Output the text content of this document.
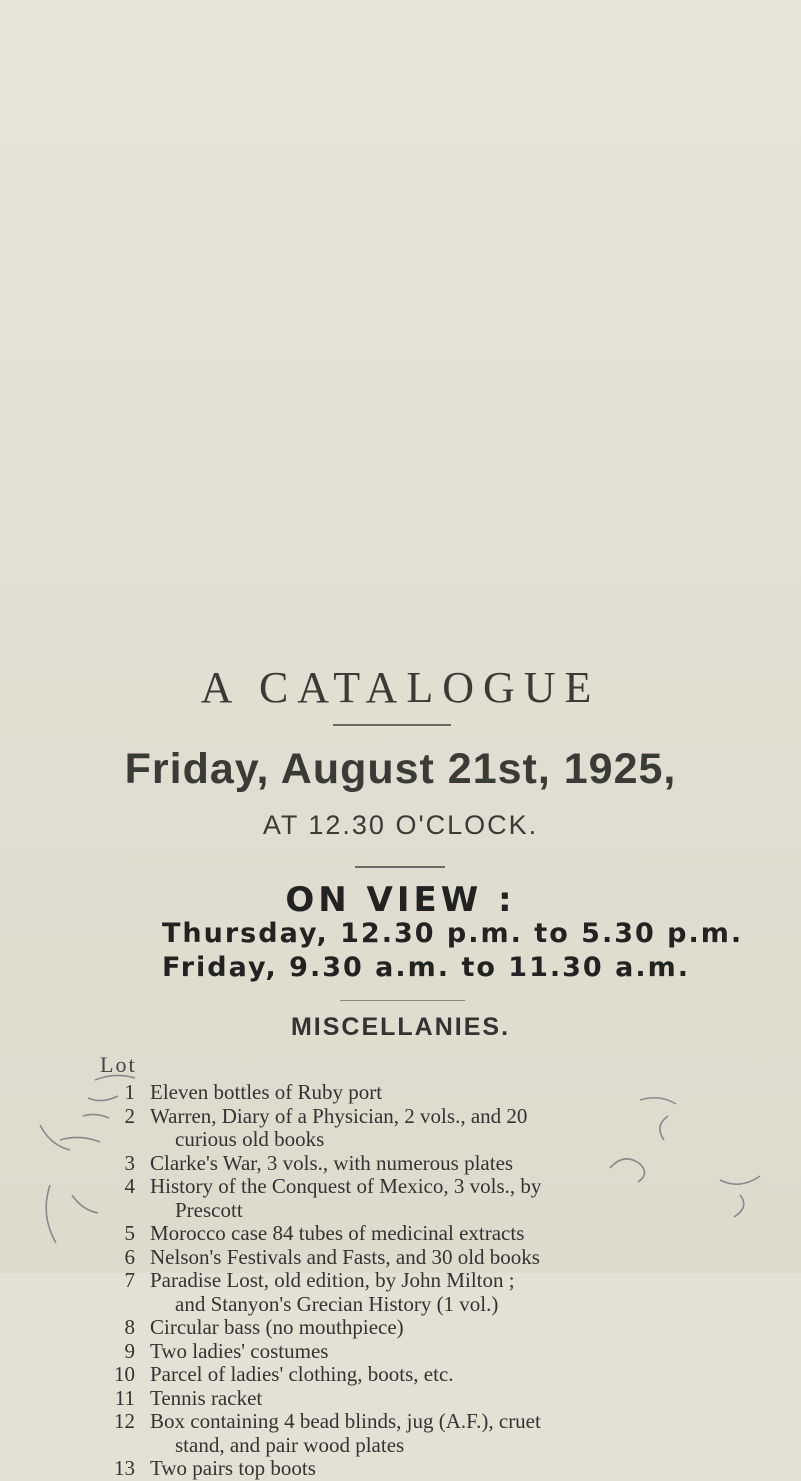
A CATALOGUE
Friday, August 21st, 1925,
AT 12.30 O'CLOCK.
ON VIEW :
Thursday, 12.30 p.m. to 5.30 p.m.
Friday, 9.30 a.m. to 11.30 a.m.
MISCELLANIES.
Lot
1 Eleven bottles of Ruby port
2 Warren, Diary of a Physician, 2 vols., and 20
curious old books
3 Clarke's War, 3 vols., with numerous plates
4 History of the Conquest of Mexico, 3 vols., by
Prescott
5 Morocco case 84 tubes of medicinal extracts
6 Nelson's Festivals and Fasts, and 30 old books
7 Paradise Lost, old edition, by John Milton ;
and Stanyon's Grecian History (1 vol.)
8 Circular bass (no mouthpiece)
9 Two ladies' costumes
10 Parcel of ladies' clothing, boots, etc.
11 Tennis racket
12 Box containing 4 bead blinds, jug (A.F.), cruet
stand, and pair wood plates
13 Two pairs top boots
